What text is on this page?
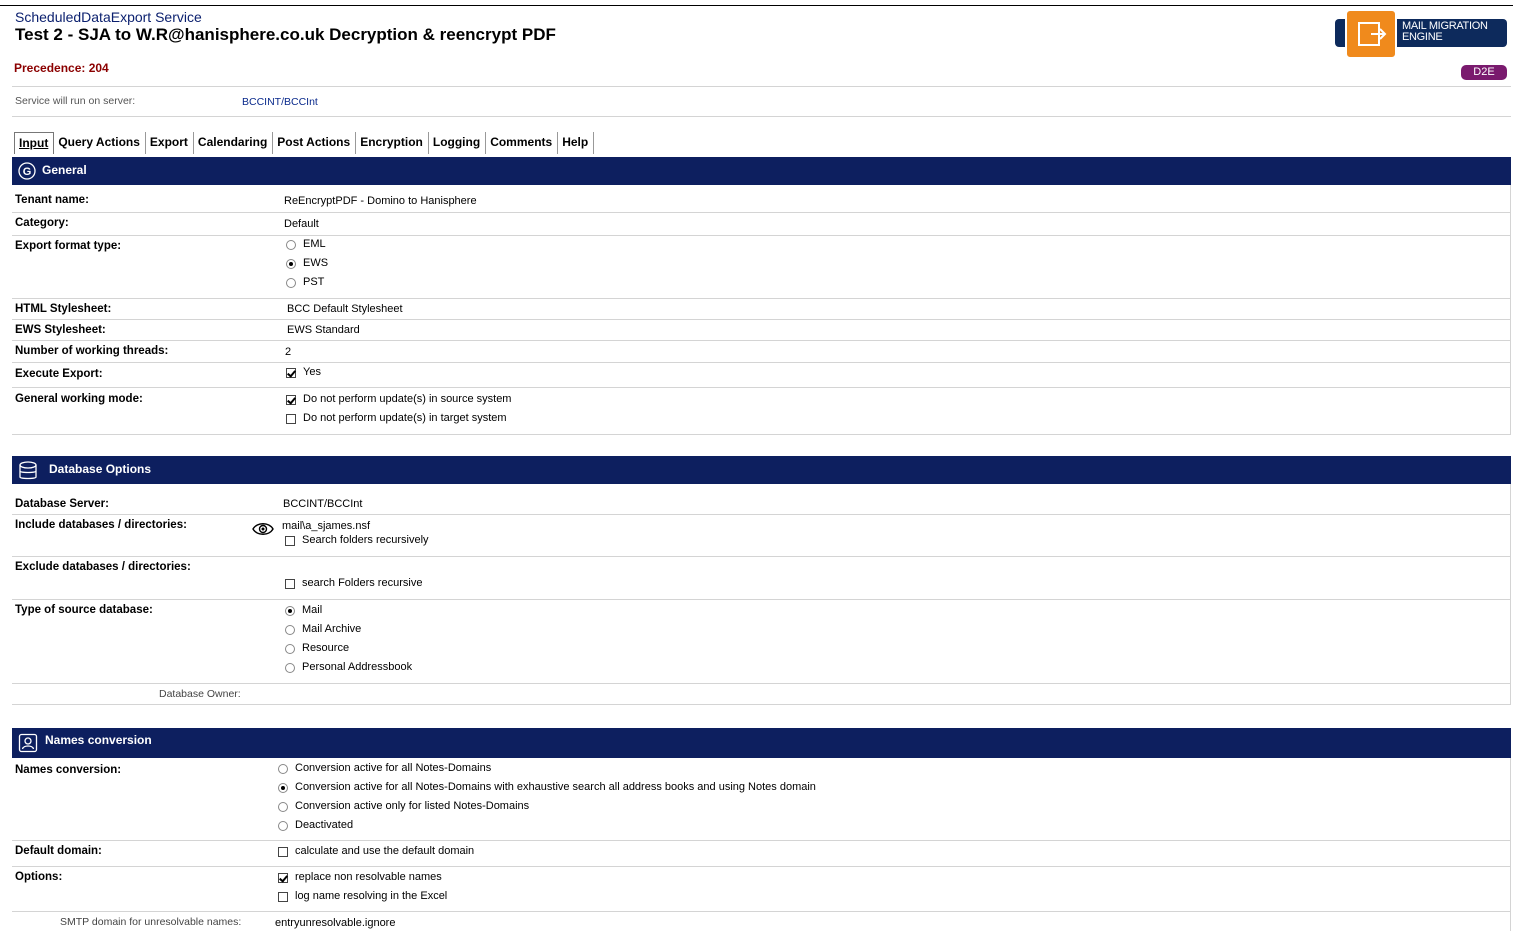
ScheduledDataExport Service
Test 2 - SJA to W.R@hanisphere.co.uk Decryption & reencrypt PDF
Precedence: 204
MAIL MIGRATION
ENGINE
D2E
Service will run on server:	BCCINT/BCCInt
Input Query Actions Export Calendaring Post Actions Encryption Logging Comments Help
G General
Tenant name:	ReEncryptPDF - Domino to Hanisphere
Category:	Default
Export format type:	EML
EWS
PST
HTML Stylesheet:	BCC Default Stylesheet
EWS Stylesheet:	EWS Standard
Number of working threads:	2
Execute Export:	Yes
General working mode:	Do not perform update(s) in source system
Do not perform update(s) in target system
Database Options
Database Server:	BCCINT/BCCInt
Include databases / directories:	mail\a_sjames.nsf
Search folders recursively
Exclude databases / directories:
search Folders recursive
Type of source database:	Mail
Mail Archive
Resource
Personal Addressbook
Database Owner:
Names conversion
Names conversion:	Conversion active for all Notes-Domains
Conversion active for all Notes-Domains with exhaustive search all address books and using Notes domain
Conversion active only for listed Notes-Domains
Deactivated
Default domain:	calculate and use the default domain
Options:	replace non resolvable names
log name resolving in the Excel
SMTP domain for unresolvable names:	entryunresolvable.ignore
